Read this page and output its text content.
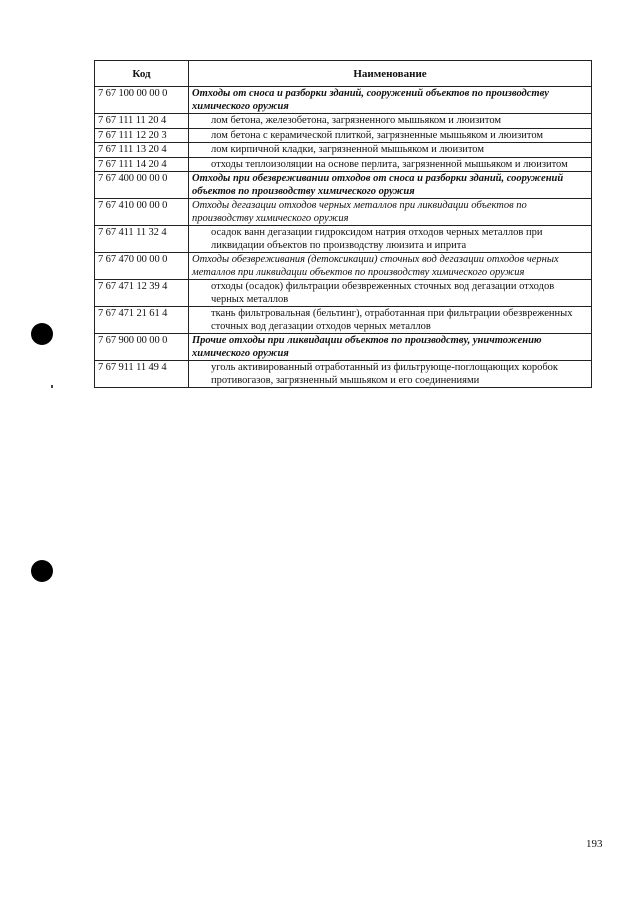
Код	Наименование
7 67 100 00 00 0	Отходы от сноса и разборки зданий, сооружений объектов по производству химического оружия
7 67 111 11 20 4	лом бетона, железобетона, загрязненного мышьяком и люизитом
7 67 111 12 20 3	лом бетона с керамической плиткой, загрязненные мышьяком и люизитом
7 67 111 13 20 4	лом кирпичной кладки, загрязненной мышьяком и люизитом
7 67 111 14 20 4	отходы теплоизоляции на основе перлита, загрязненной мышьяком и люизитом
7 67 400 00 00 0	Отходы при обезвреживании отходов от сноса и разборки зданий, сооружений объектов по производству химического оружия
7 67 410 00 00 0	Отходы дегазации отходов черных металлов при ликвидации объектов по производству химического оружия
7 67 411 11 32 4	осадок ванн дегазации гидроксидом натрия отходов черных металлов при ликвидации объектов по производству люизита и иприта
7 67 470 00 00 0	Отходы обезвреживания (детоксикации) сточных вод дегазации отходов черных металлов при ликвидации объектов по производству химического оружия
7 67 471 12 39 4	отходы (осадок) фильтрации обезвреженных сточных вод дегазации отходов черных металлов
7 67 471 21 61 4	ткань фильтровальная (бельтинг), отработанная при фильтрации обезвреженных сточных вод дегазации отходов черных металлов
7 67 900 00 00 0	Прочие отходы при ликвидации объектов по производству, уничтожению химического оружия
7 67 911 11 49 4	уголь активированный отработанный из фильтрующе-поглощающих коробок противогазов, загрязненный мышьяком и его соединениями
193
